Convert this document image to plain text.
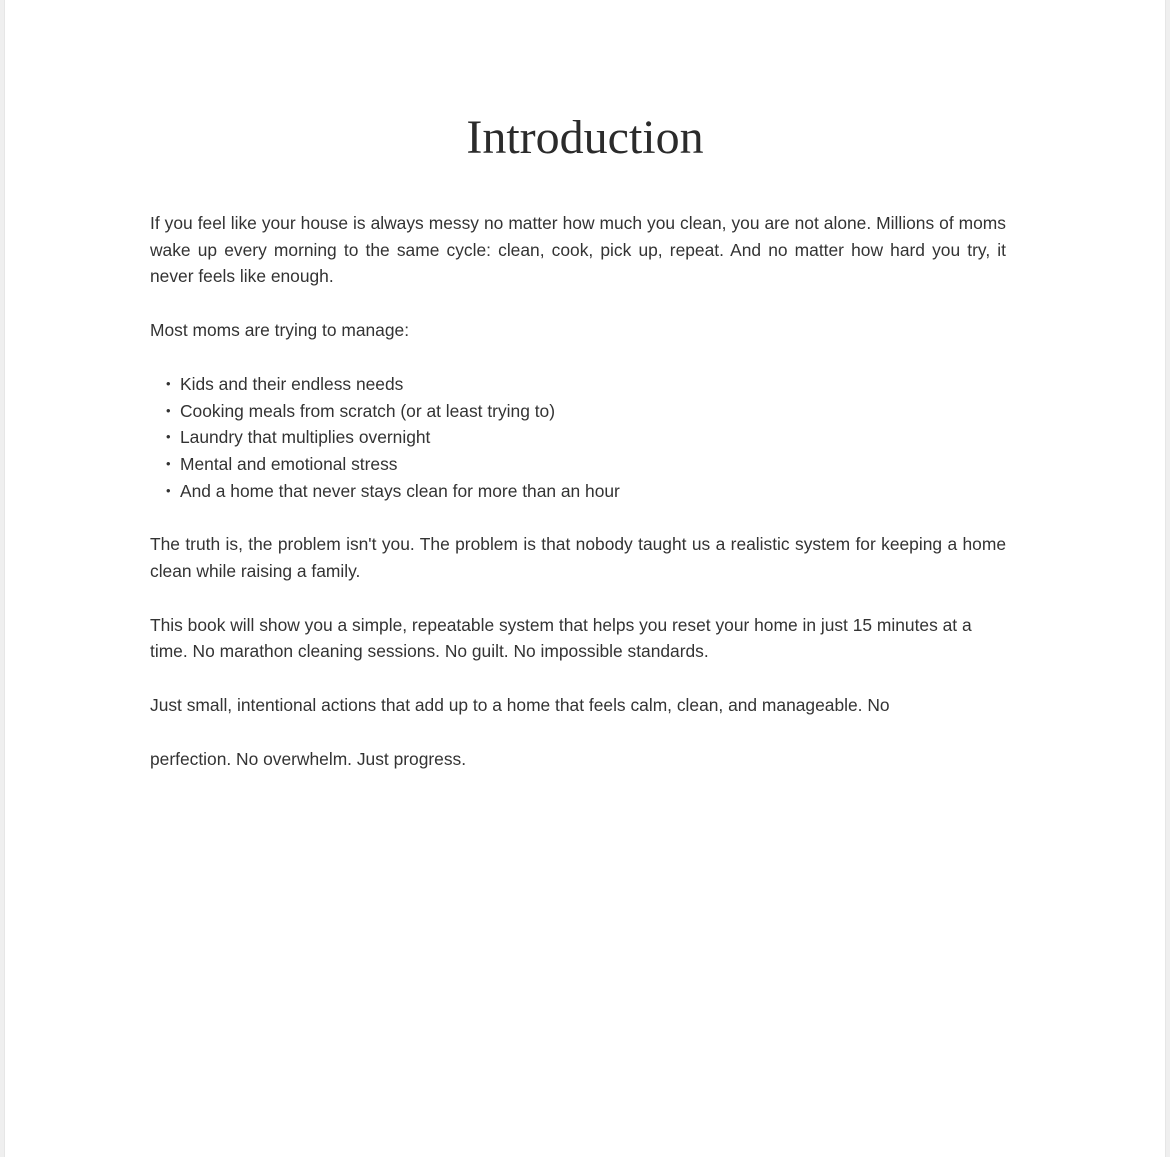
Introduction

If you feel like your house is always messy no matter how much you clean, you are not alone. Millions of moms wake up every morning to the same cycle: clean, cook, pick up, repeat. And no matter how hard you try, it never feels like enough.

Most moms are trying to manage:

• Kids and their endless needs
• Cooking meals from scratch (or at least trying to)
• Laundry that multiplies overnight
• Mental and emotional stress
• And a home that never stays clean for more than an hour

The truth is, the problem isn't you. The problem is that nobody taught us a realistic system for keeping a home clean while raising a family.

This book will show you a simple, repeatable system that helps you reset your home in just 15 minutes at a time. No marathon cleaning sessions. No guilt. No impossible standards.

Just small, intentional actions that add up to a home that feels calm, clean, and manageable. No

perfection. No overwhelm. Just progress.
